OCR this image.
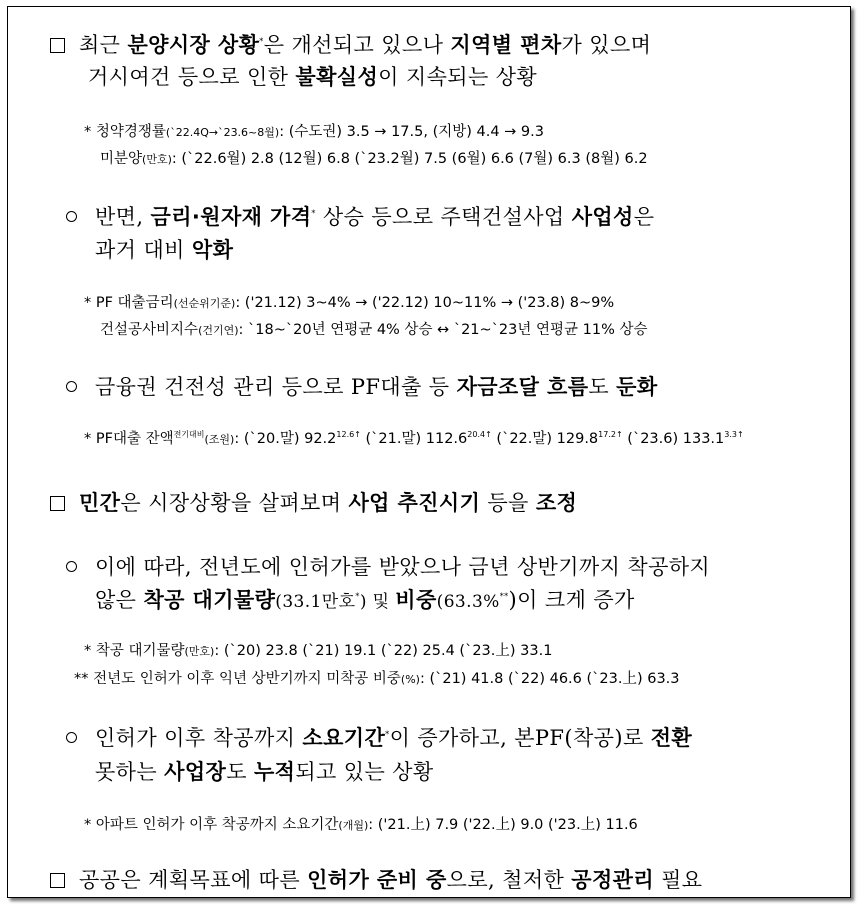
최근 분양시장 상황*은 개선되고 있으나 지역별 편차가 있으며
거시여건 등으로 인한 불확실성이 지속되는 상황
* 청약경쟁률(`22.4Q→`23.6~8월): (수도권) 3.5 → 17.5, (지방) 4.4 → 9.3
미분양(만호): (`22.6월) 2.8 (12월) 6.8 (`23.2월) 7.5 (6월) 6.6 (7월) 6.3 (8월) 6.2
반면, 금리·원자재 가격* 상승 등으로 주택건설사업 사업성은
과거 대비 악화
* PF 대출금리(선순위기준): ('21.12) 3~4% → ('22.12) 10~11% → ('23.8) 8~9%
건설공사비지수(건기연): `18~`20년 연평균 4% 상승 ↔ `21~`23년 연평균 11% 상승
금융권 건전성 관리 등으로 PF대출 등 자금조달 흐름도 둔화
* PF대출 잔액$^{전기대비}$(조원): (`20.말) $92.2^{12.6↑}$ (`21.말) $112.6^{20.4↑}$ (`22.말) $129.8^{17.2↑}$ (`23.6) $133.1^{3.3↑}$
민간은 시장상황을 살펴보며 사업 추진시기 등을 조정
이에 따라, 전년도에 인허가를 받았으나 금년 상반기까지 착공하지
않은 착공 대기물량(33.1만호*) 및 비중(63.3%**)이 크게 증가
* 착공 대기물량(만호): (`20) 23.8 (`21) 19.1 (`22) 25.4 (`23.上) 33.1
** 전년도 인허가 이후 익년 상반기까지 미착공 비중(%): (`21) 41.8 (`22) 46.6 (`23.上) 63.3
인허가 이후 착공까지 소요기간*이 증가하고, 본PF(착공)로 전환
못하는 사업장도 누적되고 있는 상황
* 아파트 인허가 이후 착공까지 소요기간(개월): ('21.上) 7.9 ('22.上) 9.0 ('23.上) 11.6
공공은 계획목표에 따른 인허가 준비 중으로, 철저한 공정관리 필요
